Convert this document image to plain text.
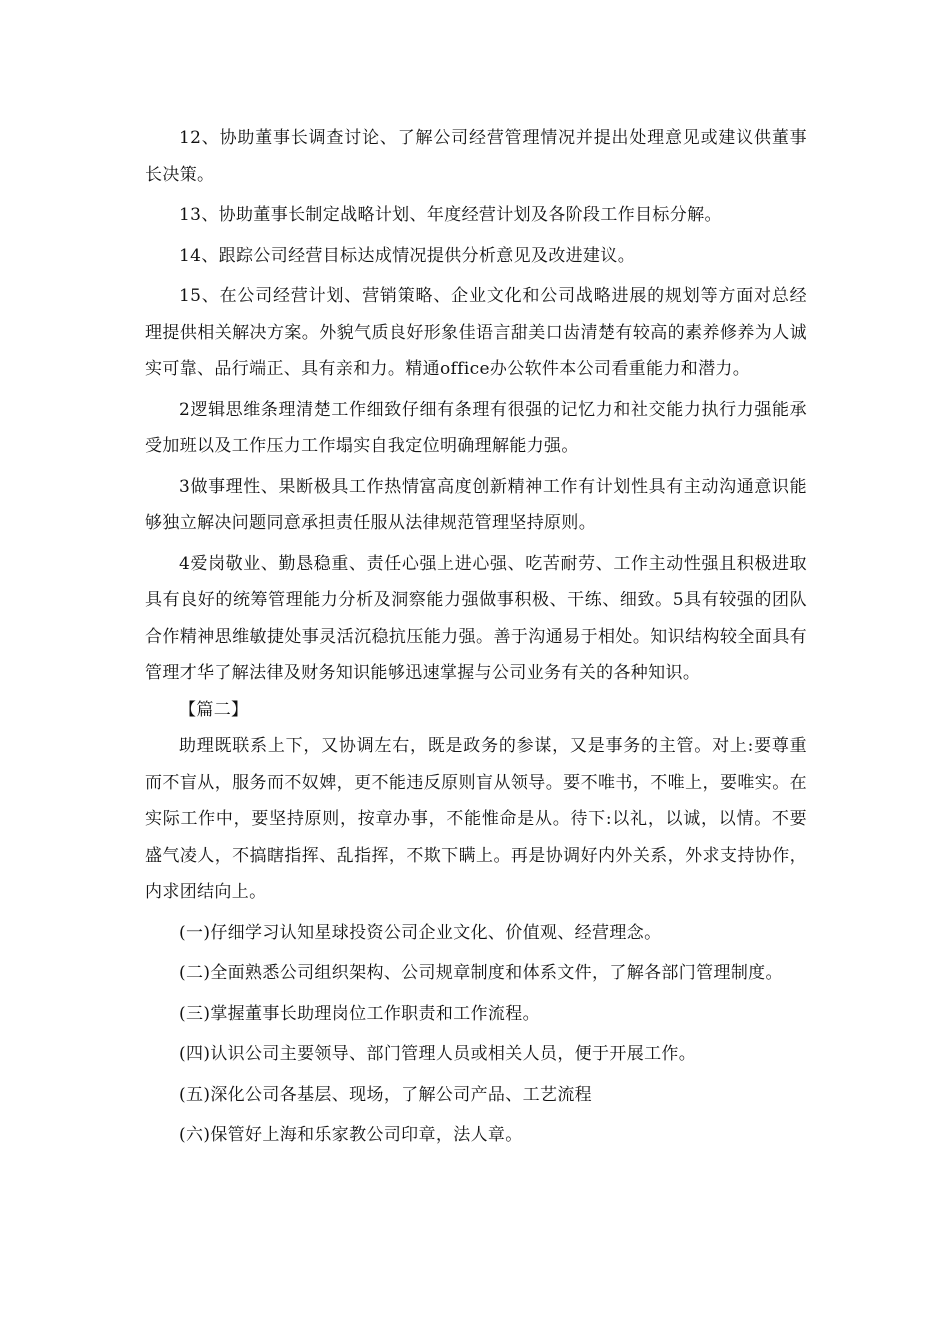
12、协助董事长调查讨论、了解公司经营管理情况并提出处理意见或建议供董事长决策。

13、协助董事长制定战略计划、年度经营计划及各阶段工作目标分解。

14、跟踪公司经营目标达成情况提供分析意见及改进建议。

15、在公司经营计划、营销策略、企业文化和公司战略进展的规划等方面对总经理提供相关解决方案。外貌气质良好形象佳语言甜美口齿清楚有较高的素养修养为人诚实可靠、品行端正、具有亲和力。精通office办公软件本公司看重能力和潜力。

2逻辑思维条理清楚工作细致仔细有条理有很强的记忆力和社交能力执行力强能承受加班以及工作压力工作塌实自我定位明确理解能力强。

3做事理性、果断极具工作热情富高度创新精神工作有计划性具有主动沟通意识能够独立解决问题同意承担责任服从法律规范管理坚持原则。

4爱岗敬业、勤恳稳重、责任心强上进心强、吃苦耐劳、工作主动性强且积极进取具有良好的统筹管理能力分析及洞察能力强做事积极、干练、细致。5具有较强的团队合作精神思维敏捷处事灵活沉稳抗压能力强。善于沟通易于相处。知识结构较全面具有管理才华了解法律及财务知识能够迅速掌握与公司业务有关的各种知识。

【篇二】

助理既联系上下，又协调左右，既是政务的参谋，又是事务的主管。对上:要尊重而不盲从，服务而不奴婢，更不能违反原则盲从领导。要不唯书，不唯上，要唯实。在实际工作中，要坚持原则，按章办事，不能惟命是从。待下:以礼，以诚，以情。不要盛气凌人，不搞瞎指挥、乱指挥，不欺下瞒上。再是协调好内外关系，外求支持协作，内求团结向上。

(一)仔细学习认知星球投资公司企业文化、价值观、经营理念。

(二)全面熟悉公司组织架构、公司规章制度和体系文件，了解各部门管理制度。

(三)掌握董事长助理岗位工作职责和工作流程。

(四)认识公司主要领导、部门管理人员或相关人员，便于开展工作。

(五)深化公司各基层、现场，了解公司产品、工艺流程

(六)保管好上海和乐家教公司印章，法人章。
